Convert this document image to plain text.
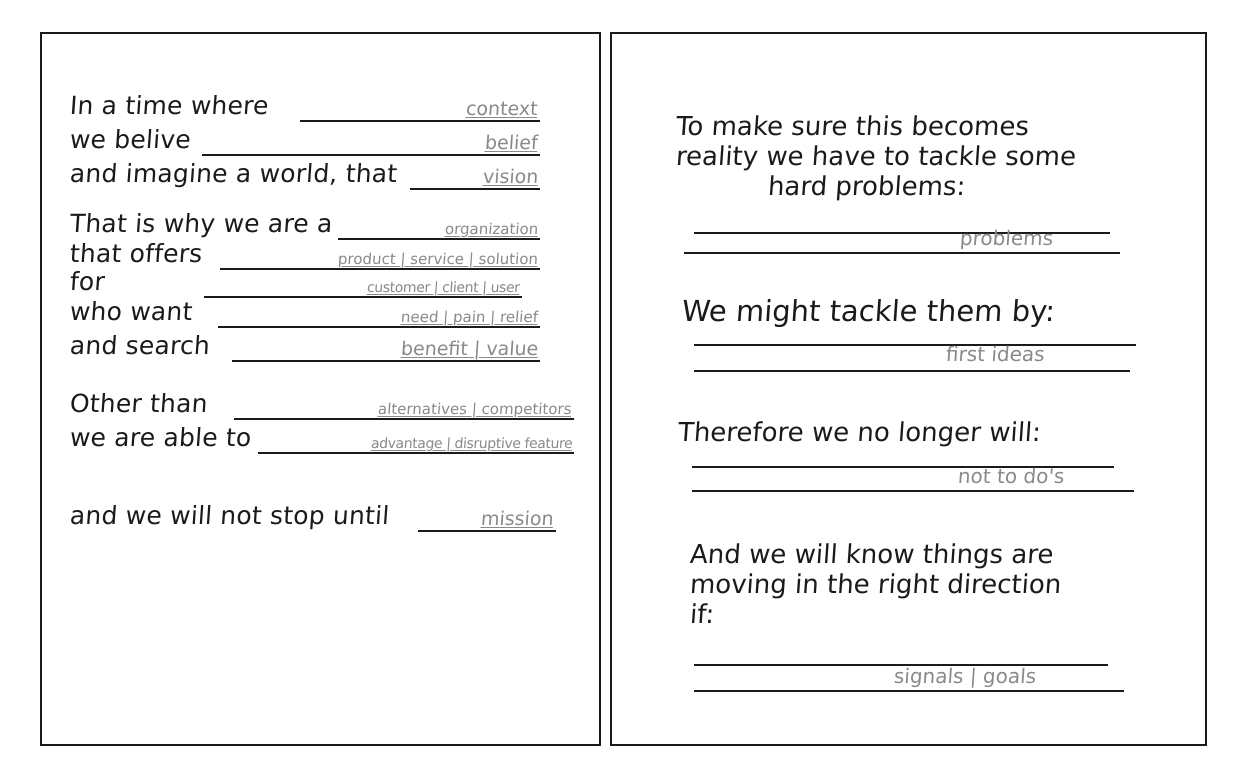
In a time where	context
we belive	belief
and imagine a world, that	vision
That is why we are a	organization
that offers	product | service | solution
for	customer | client | user
who want	need | pain | relief
and search	benefit | value
Other than	alternatives | competitors
we are able to	advantage | disruptive feature
and we will not stop until	mission
To make sure this becomes
reality we have to tackle some
hard problems:
problems
We might tackle them by:
first ideas
Therefore we no longer will:
not to do's
And we will know things are
moving in the right direction
if:
signals | goals
